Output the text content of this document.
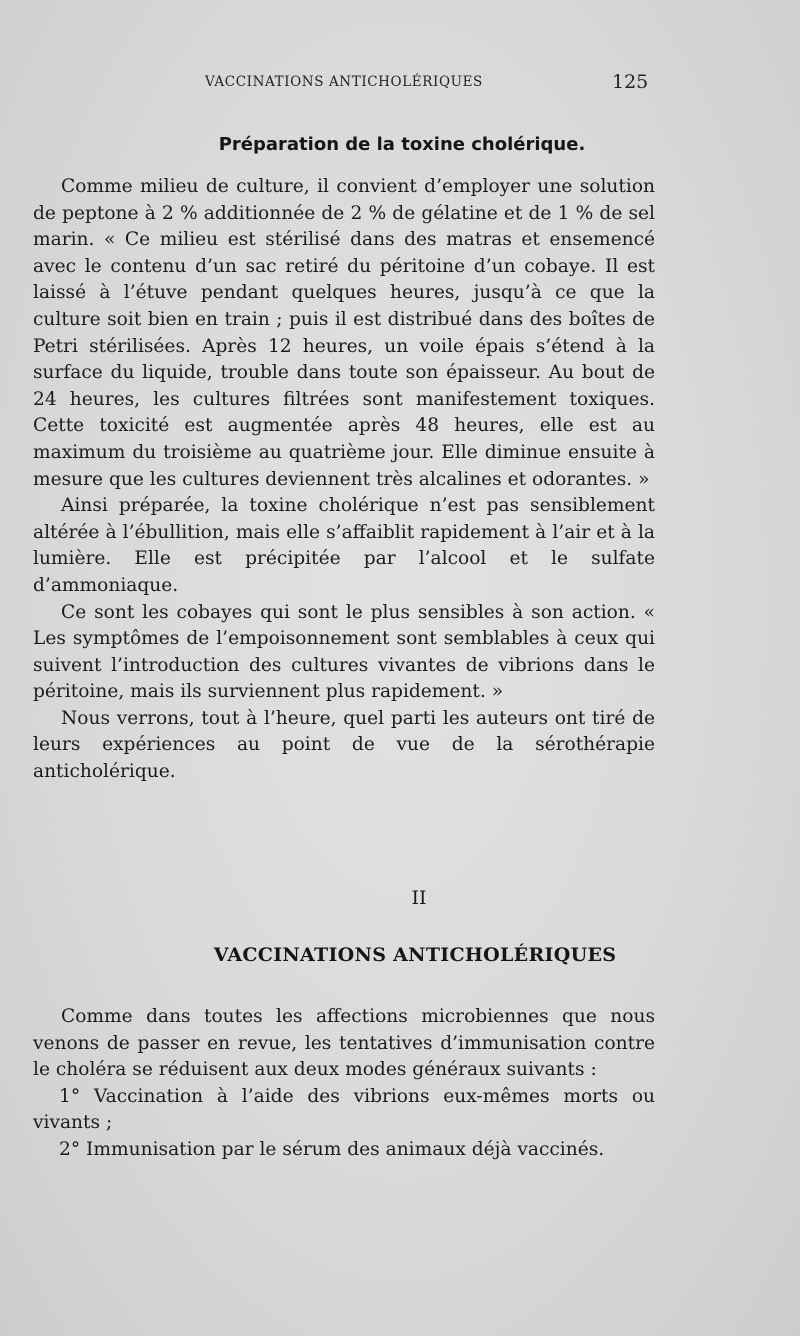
VACCINATIONS ANTICHOLÉRIQUES	125
Préparation de la toxine cholérique.

Comme milieu de culture, il convient d’employer une solution de peptone à 2 % additionnée de 2 % de gélatine et de 1 % de sel marin. « Ce milieu est stérilisé dans des matras et ensemencé avec le contenu d’un sac retiré du péritoine d’un cobaye. Il est laissé à l’étuve pendant quelques heures, jusqu’à ce que la culture soit bien en train ; puis il est distribué dans des boîtes de Petri stérilisées. Après 12 heures, un voile épais s’étend à la surface du liquide, trouble dans toute son épaisseur. Au bout de 24 heures, les cultures filtrées sont manifestement toxiques. Cette toxicité est augmentée après 48 heures, elle est au maximum du troisième au quatrième jour. Elle diminue ensuite à mesure que les cultures deviennent très alcalines et odorantes. »

Ainsi préparée, la toxine cholérique n’est pas sensiblement altérée à l’ébullition, mais elle s’affaiblit rapidement à l’air et à la lumière. Elle est précipitée par l’alcool et le sulfate d’ammoniaque.

Ce sont les cobayes qui sont le plus sensibles à son action. « Les symptômes de l’empoisonnement sont semblables à ceux qui suivent l’introduction des cultures vivantes de vibrions dans le péritoine, mais ils surviennent plus rapidement. »

Nous verrons, tout à l’heure, quel parti les auteurs ont tiré de leurs expériences au point de vue de la sérothérapie anticholérique.

II
VACCINATIONS ANTICHOLÉRIQUES

Comme dans toutes les affections microbiennes que nous venons de passer en revue, les tentatives d’immunisation contre le choléra se réduisent aux deux modes généraux suivants :

1° Vaccination à l’aide des vibrions eux-mêmes morts ou vivants ;

2° Immunisation par le sérum des animaux déjà vaccinés.
